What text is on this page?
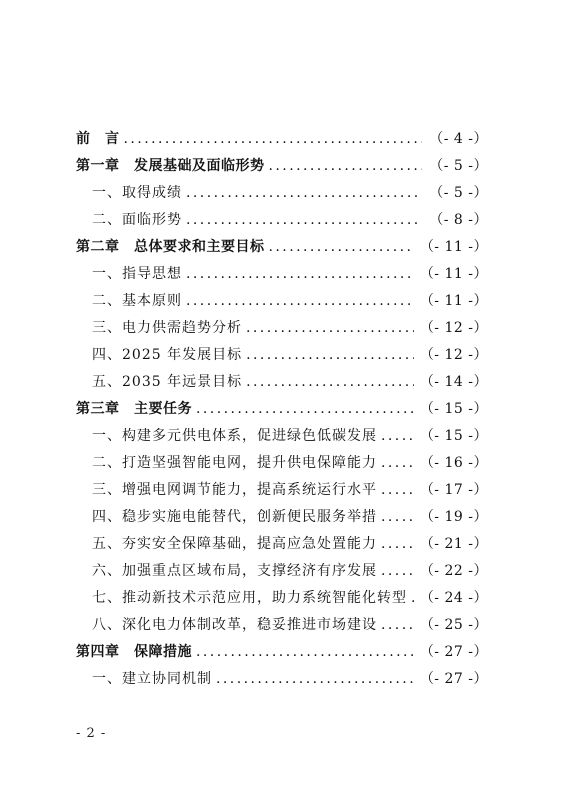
前　言 . . .	（- 4 -）
第一章　发展基础及面临形势 . . .	（- 5 -）
一、取得成绩 . . .	（- 5 -）
二、面临形势 . . .	（- 8 -）
第二章　总体要求和主要目标 . . .	（- 11 -）
一、指导思想 . . .	（- 11 -）
二、基本原则 . . .	（- 11 -）
三、电力供需趋势分析 . . .	（- 12 -）
四、2025 年发展目标 . . .	（- 12 -）
五、2035 年远景目标 . . .	（- 14 -）
第三章　主要任务 . . .	（- 15 -）
一、构建多元供电体系，促进绿色低碳发展 . . .	（- 15 -）
二、打造坚强智能电网，提升供电保障能力 . . .	（- 16 -）
三、增强电网调节能力，提高系统运行水平 . . .	（- 17 -）
四、稳步实施电能替代，创新便民服务举措 . . .	（- 19 -）
五、夯实安全保障基础，提高应急处置能力 . . .	（- 21 -）
六、加强重点区域布局，支撑经济有序发展 . . .	（- 22 -）
七、推动新技术示范应用，助力系统智能化转型 . . . （- 24 -）
八、深化电力体制改革，稳妥推进市场建设 . . .	（- 25 -）
第四章　保障措施 . . .	（- 27 -）
一、建立协同机制 . . .	（- 27 -）
- 2 -
